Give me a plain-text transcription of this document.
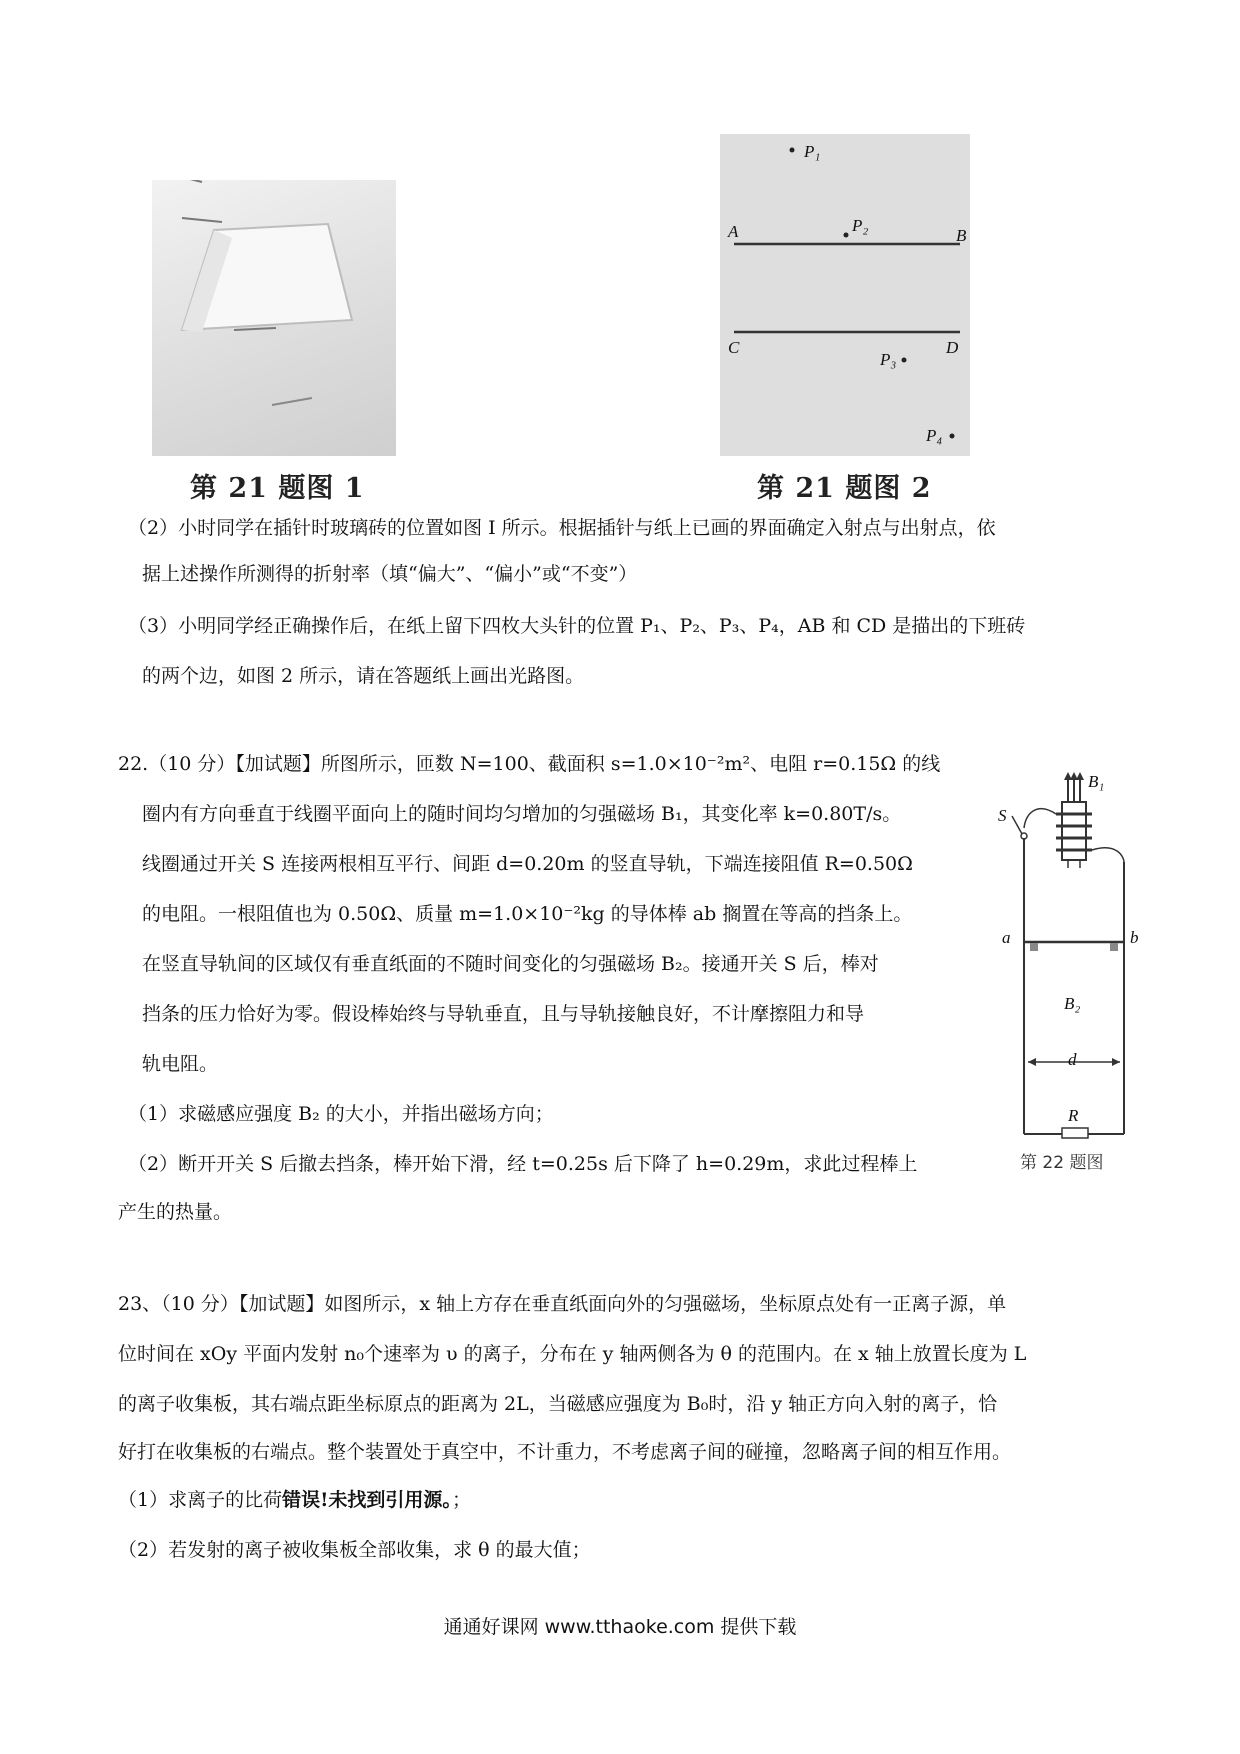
第 21 题图 1
P₁
P₂
A	B
C	D
P₃
P₄
第 21 题图 2
（2）小时同学在插针时玻璃砖的位置如图 I 所示。根据插针与纸上已画的界面确定入射点与出射点，依
据上述操作所测得的折射率（填“偏大”、“偏小”或“不变”）
（3）小明同学经正确操作后，在纸上留下四枚大头针的位置 P₁、P₂、P₃、P₄，AB 和 CD 是描出的下班砖
的两个边，如图 2 所示，请在答题纸上画出光路图。
22.（10 分）【加试题】所图所示，匝数 N=100、截面积 s=1.0×10⁻²m²、电阻 r=0.15Ω 的线
圈内有方向垂直于线圈平面向上的随时间均匀增加的匀强磁场 B₁，其变化率 k=0.80T/s。
线圈通过开关 S 连接两根相互平行、间距 d=0.20m 的竖直导轨，下端连接阻值 R=0.50Ω
的电阻。一根阻值也为 0.50Ω、质量 m=1.0×10⁻²kg 的导体棒 ab 搁置在等高的挡条上。
在竖直导轨间的区域仅有垂直纸面的不随时间变化的匀强磁场 B₂。接通开关 S 后，棒对
挡条的压力恰好为零。假设棒始终与导轨垂直，且与导轨接触良好，不计摩擦阻力和导
轨电阻。
（1）求磁感应强度 B₂ 的大小，并指出磁场方向；
（2）断开开关 S 后撤去挡条，棒开始下滑，经 t=0.25s 后下降了 h=0.29m，求此过程棒上
产生的热量。
B₁
S
a	b
B₂
d
R
第 22 题图
23、（10 分）【加试题】如图所示，x 轴上方存在垂直纸面向外的匀强磁场，坐标原点处有一正离子源，单
位时间在 xOy 平面内发射 n₀个速率为 υ 的离子，分布在 y 轴两侧各为 θ 的范围内。在 x 轴上放置长度为 L
的离子收集板，其右端点距坐标原点的距离为 2L，当磁感应强度为 B₀时，沿 y 轴正方向入射的离子，恰
好打在收集板的右端点。整个装置处于真空中，不计重力，不考虑离子间的碰撞，忽略离子间的相互作用。
（1）求离子的比荷错误!未找到引用源。；
（2）若发射的离子被收集板全部收集，求 θ 的最大值；
通通好课网 www.tthaoke.com 提供下载
